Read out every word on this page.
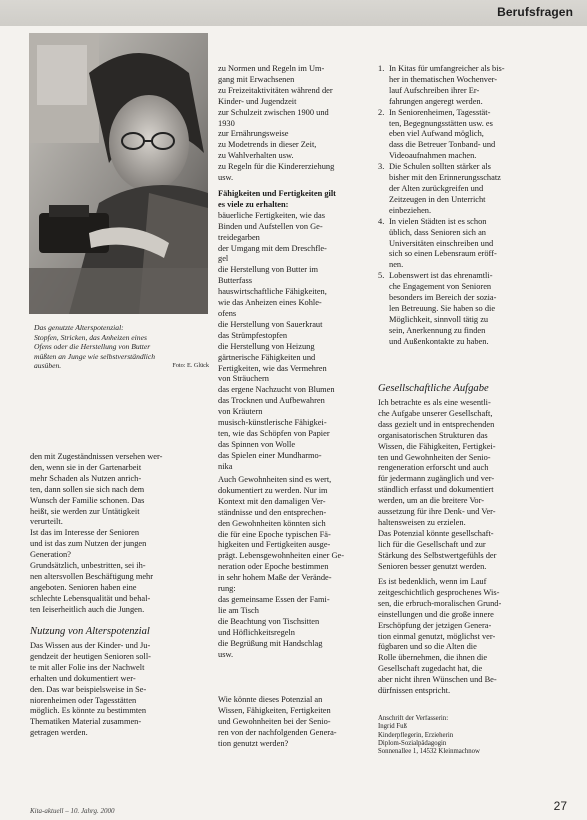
Berufsfragen
Das genutzte Alterspotenzial:
Stopfen, Stricken, das Anheizen eines
Ofens oder die Herstellung von Butter
müßten an Junge wie selbstverständlich
ausüben.	Foto: E. Glück
den mit Zugeständnissen versehen wer-
den, wenn sie in der Gartenarbeit
mehr Schaden als Nutzen anrich-
ten, dann sollen sie sich nach dem
Wunsch der Familie schonen. Das
heißt, sie werden zur Untätigkeit
verurteilt.
Ist das im Interesse der Senioren
und ist das zum Nutzen der jungen
Generation?
Grundsätzlich, unbestritten, sei ih-
nen altersvollen Beschäftigung mehr
angeboten. Senioren haben eine
schlechte Lebensqualität und behal-
ten Ieiserheitlich auch die Jungen.
Nutzung von Alterspotenzial
Das Wissen aus der Kinder- und Ju-
gendzeit der heutigen Senioren soll-
te mit aller Folie ins der Nachwelt
erhalten und dokumentiert wer-
den. Das war beispielsweise in Se-
niorenheimen oder Tagesstätten
möglich. Es könnte zu bestimmten
Thematiken Material zusammen-
getragen werden.
zu Normen und Regeln im Um-
gang mit Erwachsenen
zu Freizeitaktivitäten während der
Kinder- und Jugendzeit
zur Schulzeit zwischen 1900 und
1930
zur Ernährungsweise
zu Modetrends in dieser Zeit,
zu Wahlverhalten usw.
zu Regeln für die Kindererziehung
usw.
Fähigkeiten und Fertigkeiten gilt
es viele zu erhalten:
bäuerliche Fertigkeiten, wie das
Binden und Aufstellen von Ge-
treidegarben
der Umgang mit dem Dreschfle-
gel
die Herstellung von Butter im
Butterfass
hauswirtschaftliche Fähigkeiten,
wie das Anheizen eines Kohle-
ofens
die Herstellung von Sauerkraut
das Strümpfestopfen
die Herstellung von Heizung
gärtnerische Fähigkeiten und
Fertigkeiten, wie das Vermehren
von Sträuchern
das ergene Nachzucht von Blumen
das Trocknen und Aufbewahren
von Kräutern
musisch-künstlerische Fähigkei-
ten, wie das Schöpfen von Papier
das Spinnen von Wolle
das Spielen einer Mundharmo-
nika
Auch Gewohnheiten sind es wert,
dokumentiert zu werden. Nur im
Kontext mit den damaligen Ver-
ständnisse und den entsprechen-
den Gewohnheiten könnten sich
die für eine Epoche typischen Fä-
higkeiten und Fertigkeiten ausge-
prägt. Lebensgewohnheiten einer Ge-
neration oder Epoche bestimmen
in sehr hohem Maße der Verände-
rung:
das gemeinsame Essen der Fami-
lie am Tisch
die Beachtung von Tischsitten
und Höflichkeitsregeln
die Begrüßung mit Handschlag
usw.
Wie könnte dieses Potenzial an
Wissen, Fähigkeiten, Fertigkeiten
und Gewohnheiten bei der Senio-
ren von der nachfolgenden Genera-
tion genutzt werden?
1. In Kitas für umfangreicher als bis-
her in thematischen Wochenver-
lauf Aufschreiben ihrer Er-
fahrungen angeregt werden.
2. In Seniorenheimen, Tagesstät-
ten, Begegnungsstätten usw. es
eben viel Aufwand möglich,
dass die Betreuer Tonband- und
Videoaufnahmen machen.
3. Die Schulen sollten stärker als
bisher mit den Erinnerungsschatz
der Alten zurückgreifen und
Zeitzeugen in den Unterricht
einbeziehen.
4. In vielen Städten ist es schon
üblich, dass Senioren sich an
Universitäten einschreiben und
sich so einen Lebensraum eröff-
nen.
5. Lobenswert ist das ehrenamtli-
che Engagement von Senioren
besonders im Bereich der sozia-
len Betreuung. Sie haben so die
Möglichkeit, sinnvoll tätig zu
sein, Anerkennung zu finden
und Außenkontakte zu haben.
Gesellschaftliche Aufgabe
Ich betrachte es als eine wesentli-
che Aufgabe unserer Gesellschaft,
dass gezielt und in entsprechenden
organisatorischen Strukturen das
Wissen, die Fähigkeiten, Fertigkei-
ten und Gewohnheiten der Senio-
rengeneration erforscht und auch
für jedermann zugänglich und ver-
ständlich erfasst und dokumentiert
werden, um an die breitere Vor-
aussetzung für ihre Denk- und Ver-
haltensweisen zu erzielen.
Das Potenzial könnte gesellschaft-
lich für die Gesellschaft und zur
Stärkung des Selbstwertgefühls der
Senioren besser genutzt werden.
Es ist bedenklich, wenn im Lauf
zeitgeschichtlich gesprochenes Wis-
sen, die erbruch-moralischen Grund-
einstellungen und die große innere
Erschöpfung der jetzigen Genera-
tion einmal genutzt, möglichst ver-
fügbaren und so die Alten die
Rolle übernehmen, die ihnen die
Gesellschaft zugedacht hat, die
aber nicht ihren Wünschen und Be-
dürfnissen entspricht.
Anschrift der Verfasserin:
Ingrid Fuß
Kinderpflegerin, Erzieherin
Diplom-Sozialpädagogin
Sonnenallee 1, 14532 Kleinmachnow
Kita-aktuell – 10. Jahrg. 2000	27
